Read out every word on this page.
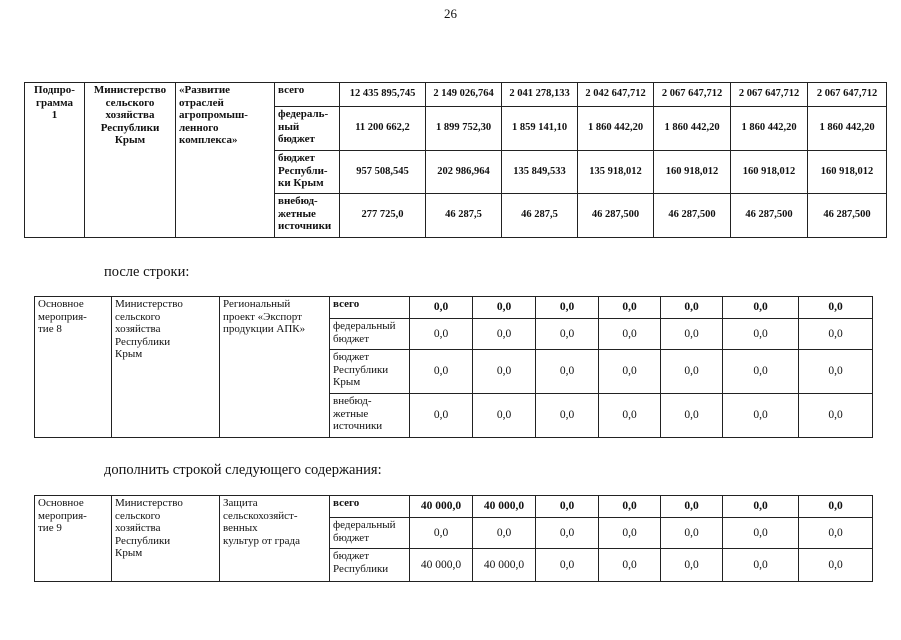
26
Подпро-
грамма
1	Министерство
сельского
хозяйства
Республики
Крым	«Развитие
отраслей
агропромыш-
ленного
комплекса»	всего	12 435 895,745	2 149 026,764	2 041 278,133	2 042 647,712	2 067 647,712	2 067 647,712	2 067 647,712
			федераль-
ный
бюджет	11 200 662,2	1 899 752,30	1 859 141,10	1 860 442,20	1 860 442,20	1 860 442,20	1 860 442,20
			бюджет
Республи-
ки Крым	957 508,545	202 986,964	135 849,533	135 918,012	160 918,012	160 918,012	160 918,012
			внебюд-
жетные
источники	277 725,0	46 287,5	46 287,5	46 287,500	46 287,500	46 287,500	46 287,500
после строки:
Основное
мероприя-
тие 8	Министерство
сельского
хозяйства
Республики
Крым	Региональный
проект «Экспорт
продукции АПК»	всего	0,0	0,0	0,0	0,0	0,0	0,0	0,0
			федеральный
бюджет	0,0	0,0	0,0	0,0	0,0	0,0	0,0
			бюджет
Республики
Крым	0,0	0,0	0,0	0,0	0,0	0,0	0,0
			внебюд-
жетные
источники	0,0	0,0	0,0	0,0	0,0	0,0	0,0
дополнить строкой следующего содержания:
Основное
мероприя-
тие 9	Министерство
сельского
хозяйства
Республики
Крым	Защита
сельскохозяйст-
венных
культур от града	всего	40 000,0	40 000,0	0,0	0,0	0,0	0,0	0,0
			федеральный
бюджет	0,0	0,0	0,0	0,0	0,0	0,0	0,0
			бюджет
Республики	40 000,0	40 000,0	0,0	0,0	0,0	0,0	0,0
